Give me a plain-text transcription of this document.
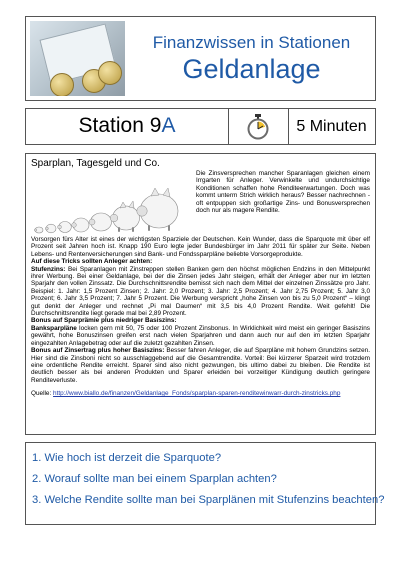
Finanzwissen in Stationen
Geldanlage
Station 9A	5 Minuten
Sparplan, Tagesgeld und Co.

Die Zinsversprechen mancher Sparanlagen gleichen einem Irrgarten für Anleger. Verwinkelte und undurchsichtige Konditionen schaffen hohe Renditeerwartungen. Doch was kommt unterm Strich wirklich heraus? Besser nachrechnen - oft entpuppen sich großartige Zins- und Bonusversprechen doch nur als magere Rendite.

Vorsorgen fürs Alter ist eines der wichtigsten Sparziele der Deutschen. Kein Wunder, dass die Sparquote mit über elf Prozent seit Jahren hoch ist. Knapp 190 Euro legte jeder Bundesbürger im Jahr 2011 für später zur Seite. Neben Lebens- und Rentenversicherungen sind Bank- und Fondssparpläne beliebte Vorsorgeprodukte.

Auf diese Tricks sollten Anleger achten:

Stufenzins: Bei Sparanlagen mit Zinstreppen stellen Banken gern den höchst möglichen Endzins in den Mittelpunkt ihrer Werbung. Bei einer Geldanlage, bei der die Zinsen jedes Jahr steigen, erhält der Anleger aber nur im letzten Sparjahr den vollen Zinssatz. Die Durchschnittsrendite bemisst sich nach dem Mittel der einzelnen Zinssätze pro Jahr. Beispiel: 1. Jahr: 1,5 Prozent Zinsen; 2. Jahr: 2,0 Prozent; 3. Jahr: 2,5 Prozent; 4. Jahr 2,75 Prozent; 5. Jahr 3,0 Prozent; 6. Jahr 3,5 Prozent; 7. Jahr 5 Prozent. Die Werbung verspricht „hohe Zinsen von bis zu 5,0 Prozent“ – klingt gut denkt der Anleger und rechnet „Pi mal Daumen“ mit 3,5 bis 4,0 Prozent Rendite. Weit gefehlt! Die Durchschnittsrendite liegt gerade mal bei 2,89 Prozent.

Bonus auf Sparprämie plus niedriger Basiszins:

Banksparpläne locken gern mit 50, 75 oder 100 Prozent Zinsbonus. In Wirklichkeit wird meist ein geringer Basiszins gewährt, hohe Bonuszinsen greifen erst nach vielen Sparjahren und dann auch nur auf den im letzten Sparjahr eingezahlten Anlagebetrag oder auf die zuletzt gezahlten Zinsen.

Bonus auf Zinsertrag plus hoher Basiszins: Besser fahren Anleger, die auf Sparpläne mit hohem Grundzins setzen. Hier sind die Zinsboni nicht so ausschlaggebend auf die Gesamtrendite. Vorteil: Bei kürzerer Sparzeit wird trotzdem eine ordentliche Rendite erreicht. Sparer sind also nicht gezwungen, bis ultimo dabei zu bleiben. Die Rendite ist deutlich besser als bei anderen Produkten und Sparer erleiden bei vorzeitiger Kündigung deutlich geringere Renditeverluste.

Quelle: http://www.biallo.de/finanzen/Geldanlage_Fonds/sparplan-sparen-renditewinwarr-durch-zinstricks.php

1. Wie hoch ist derzeit die Sparquote?

2. Worauf sollte man bei einem Sparplan achten?

3. Welche Rendite sollte man bei Sparplänen mit Stufenzins beachten?
